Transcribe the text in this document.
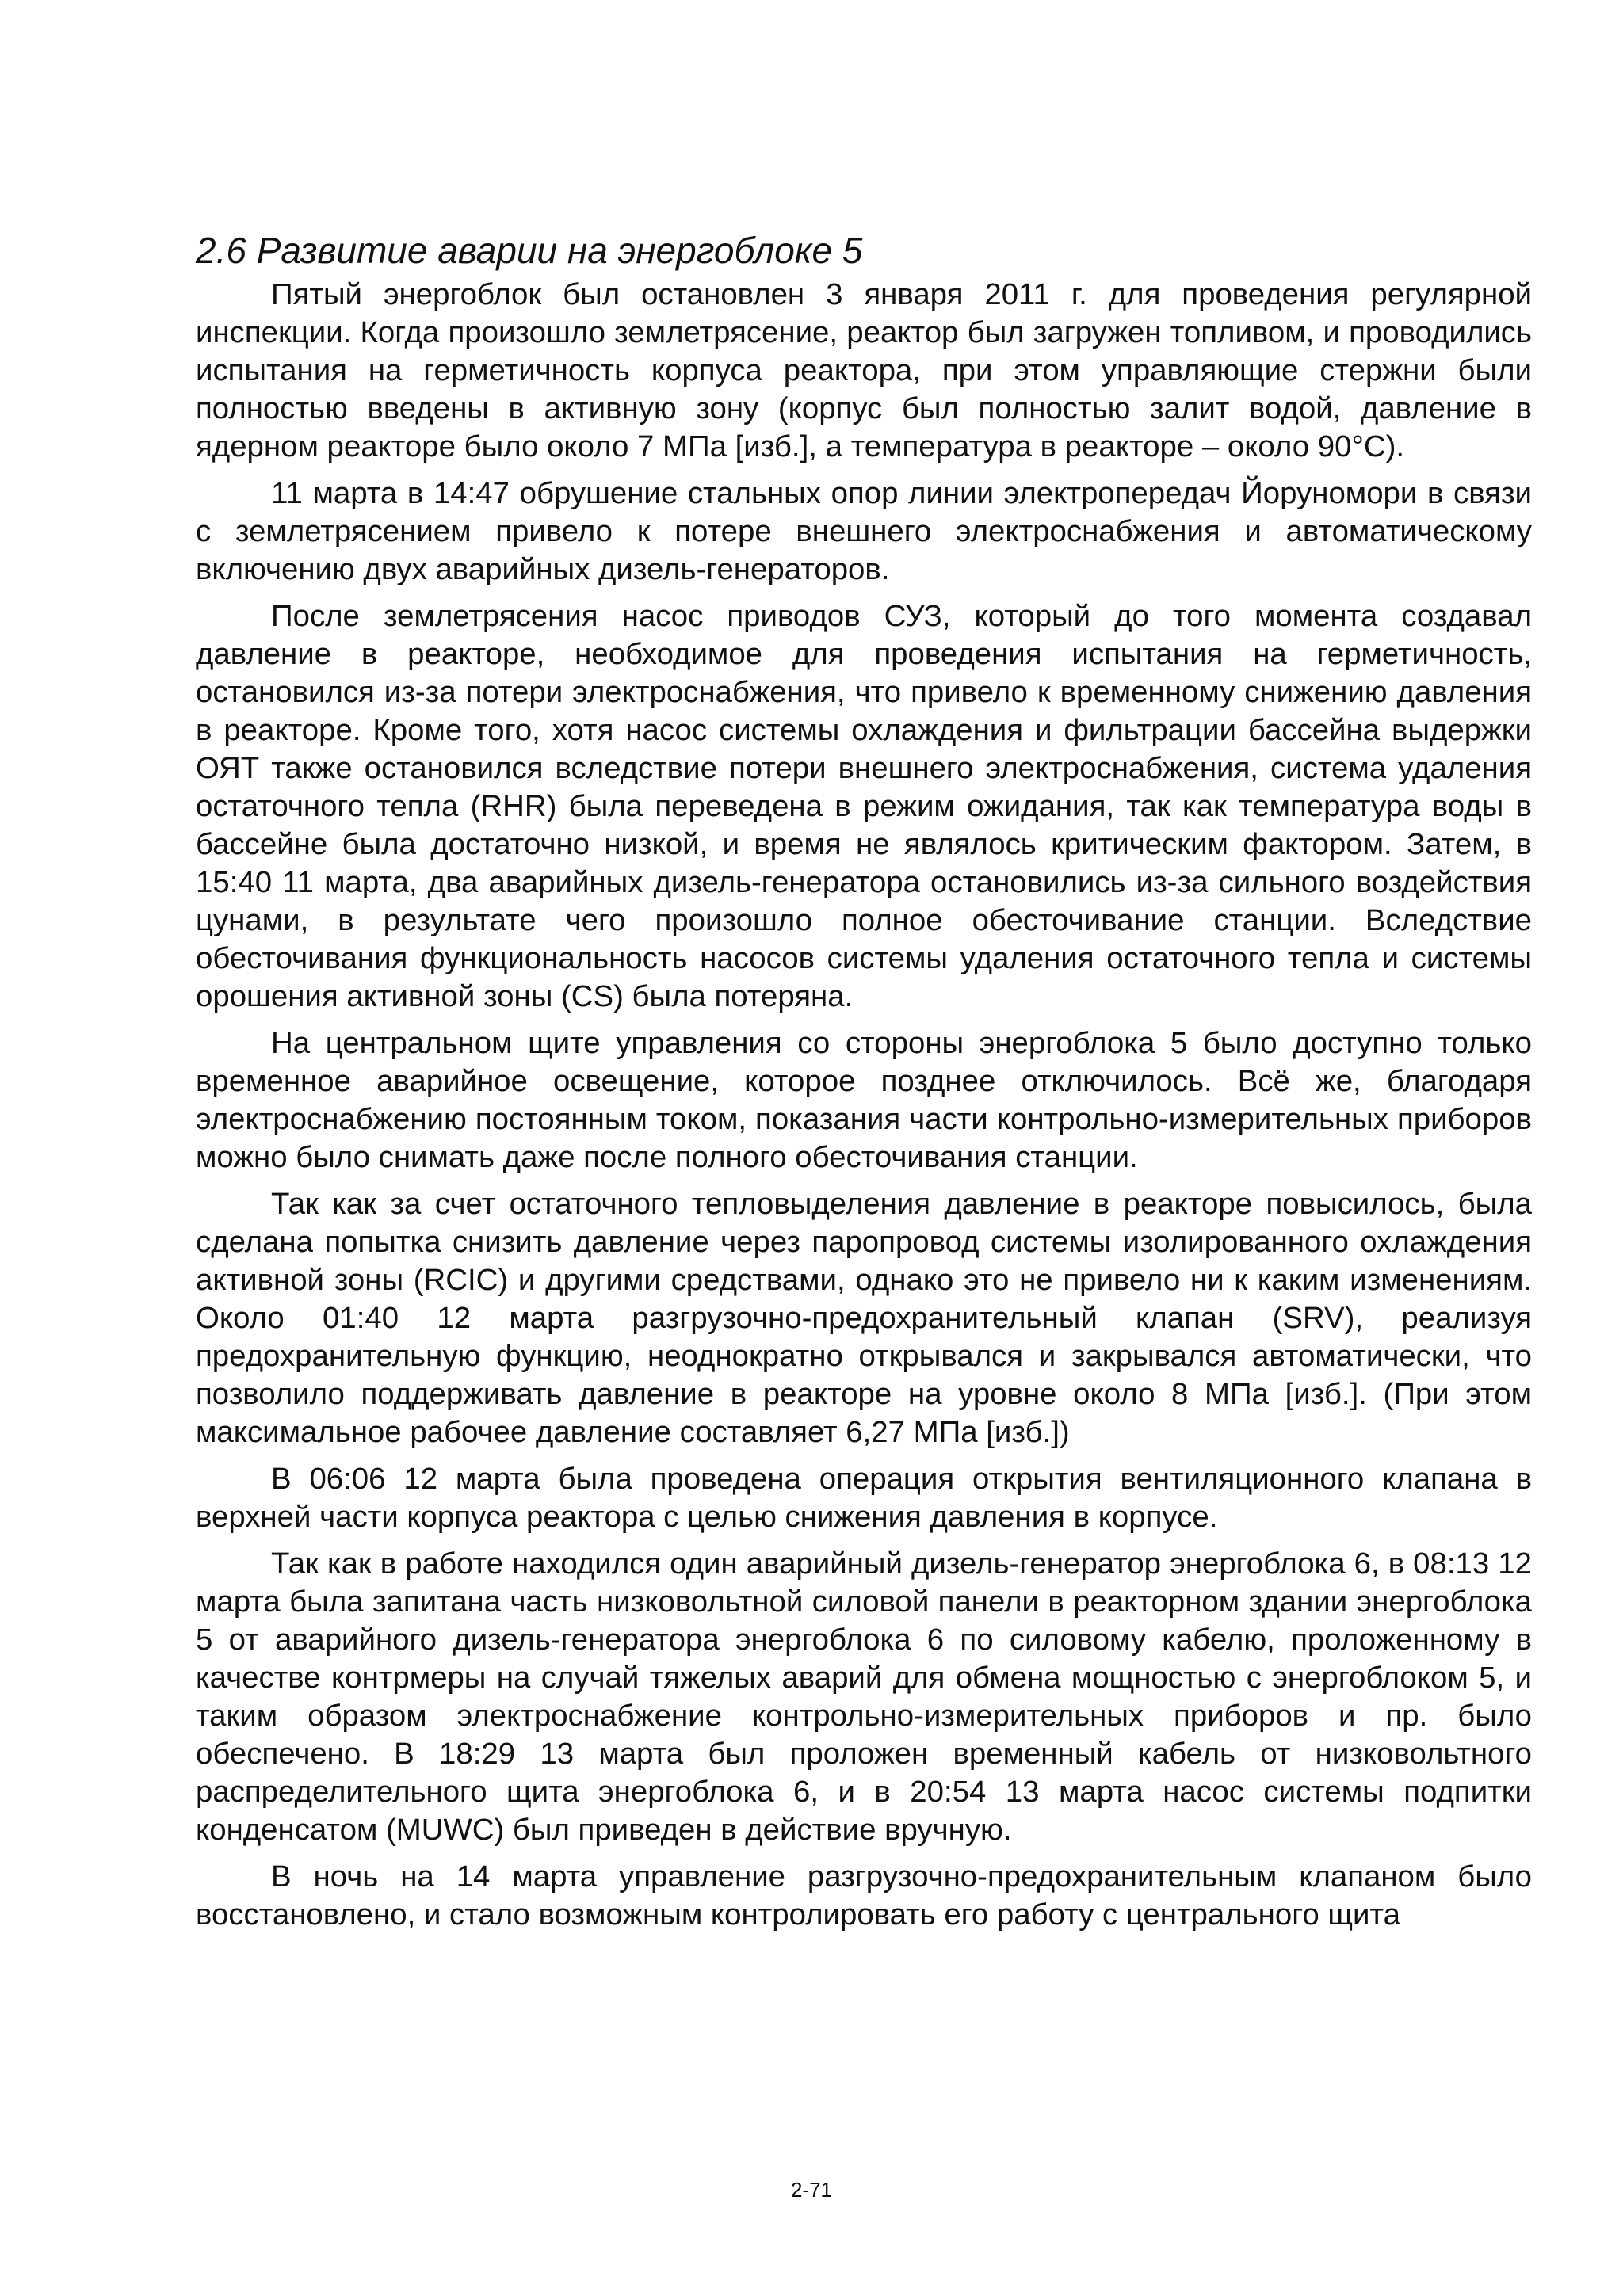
2.6 Развитие аварии на энергоблоке 5

Пятый энергоблок был остановлен 3 января 2011 г. для проведения регулярной инспекции. Когда произошло землетрясение, реактор был загружен топливом, и проводились испытания на герметичность корпуса реактора, при этом управляющие стержни были полностью введены в активную зону (корпус был полностью залит водой, давление в ядерном реакторе было около 7 МПа [изб.], а температура в реакторе – около 90°C).

11 марта в 14:47 обрушение стальных опор линии электропередач Йоруномори в связи с землетрясением привело к потере внешнего электроснабжения и автоматическому включению двух аварийных дизель-генераторов.

После землетрясения насос приводов СУЗ, который до того момента создавал давление в реакторе, необходимое для проведения испытания на герметичность, остановился из-за потери электроснабжения, что привело к временному снижению давления в реакторе. Кроме того, хотя насос системы охлаждения и фильтрации бассейна выдержки ОЯТ также остановился вследствие потери внешнего электроснабжения, система удаления остаточного тепла (RHR) была переведена в режим ожидания, так как температура воды в бассейне была достаточно низкой, и время не являлось критическим фактором. Затем, в 15:40 11 марта, два аварийных дизель-генератора остановились из-за сильного воздействия цунами, в результате чего произошло полное обесточивание станции. Вследствие обесточивания функциональность насосов системы удаления остаточного тепла и системы орошения активной зоны (CS) была потеряна.

На центральном щите управления со стороны энергоблока 5 было доступно только временное аварийное освещение, которое позднее отключилось. Всё же, благодаря электроснабжению постоянным током, показания части контрольно-измерительных приборов можно было снимать даже после полного обесточивания станции.

Так как за счет остаточного тепловыделения давление в реакторе повысилось, была сделана попытка снизить давление через паропровод системы изолированного охлаждения активной зоны (RCIC) и другими средствами, однако это не привело ни к каким изменениям. Около 01:40 12 марта разгрузочно-предохранительный клапан (SRV), реализуя предохранительную функцию, неоднократно открывался и закрывался автоматически, что позволило поддерживать давление в реакторе на уровне около 8 МПа [изб.]. (При этом максимальное рабочее давление составляет 6,27 МПа [изб.])

В 06:06 12 марта была проведена операция открытия вентиляционного клапана в верхней части корпуса реактора с целью снижения давления в корпусе.

Так как в работе находился один аварийный дизель-генератор энергоблока 6, в 08:13 12 марта была запитана часть низковольтной силовой панели в реакторном здании энергоблока 5 от аварийного дизель-генератора энергоблока 6 по силовому кабелю, проложенному в качестве контрмеры на случай тяжелых аварий для обмена мощностью с энергоблоком 5, и таким образом электроснабжение контрольно-измерительных приборов и пр. было обеспечено. В 18:29 13 марта был проложен временный кабель от низковольтного распределительного щита энергоблока 6, и в 20:54 13 марта насос системы подпитки конденсатом (MUWC) был приведен в действие вручную.

В ночь на 14 марта управление разгрузочно-предохранительным клапаном было восстановлено, и стало возможным контролировать его работу с центрального щита

2-71
